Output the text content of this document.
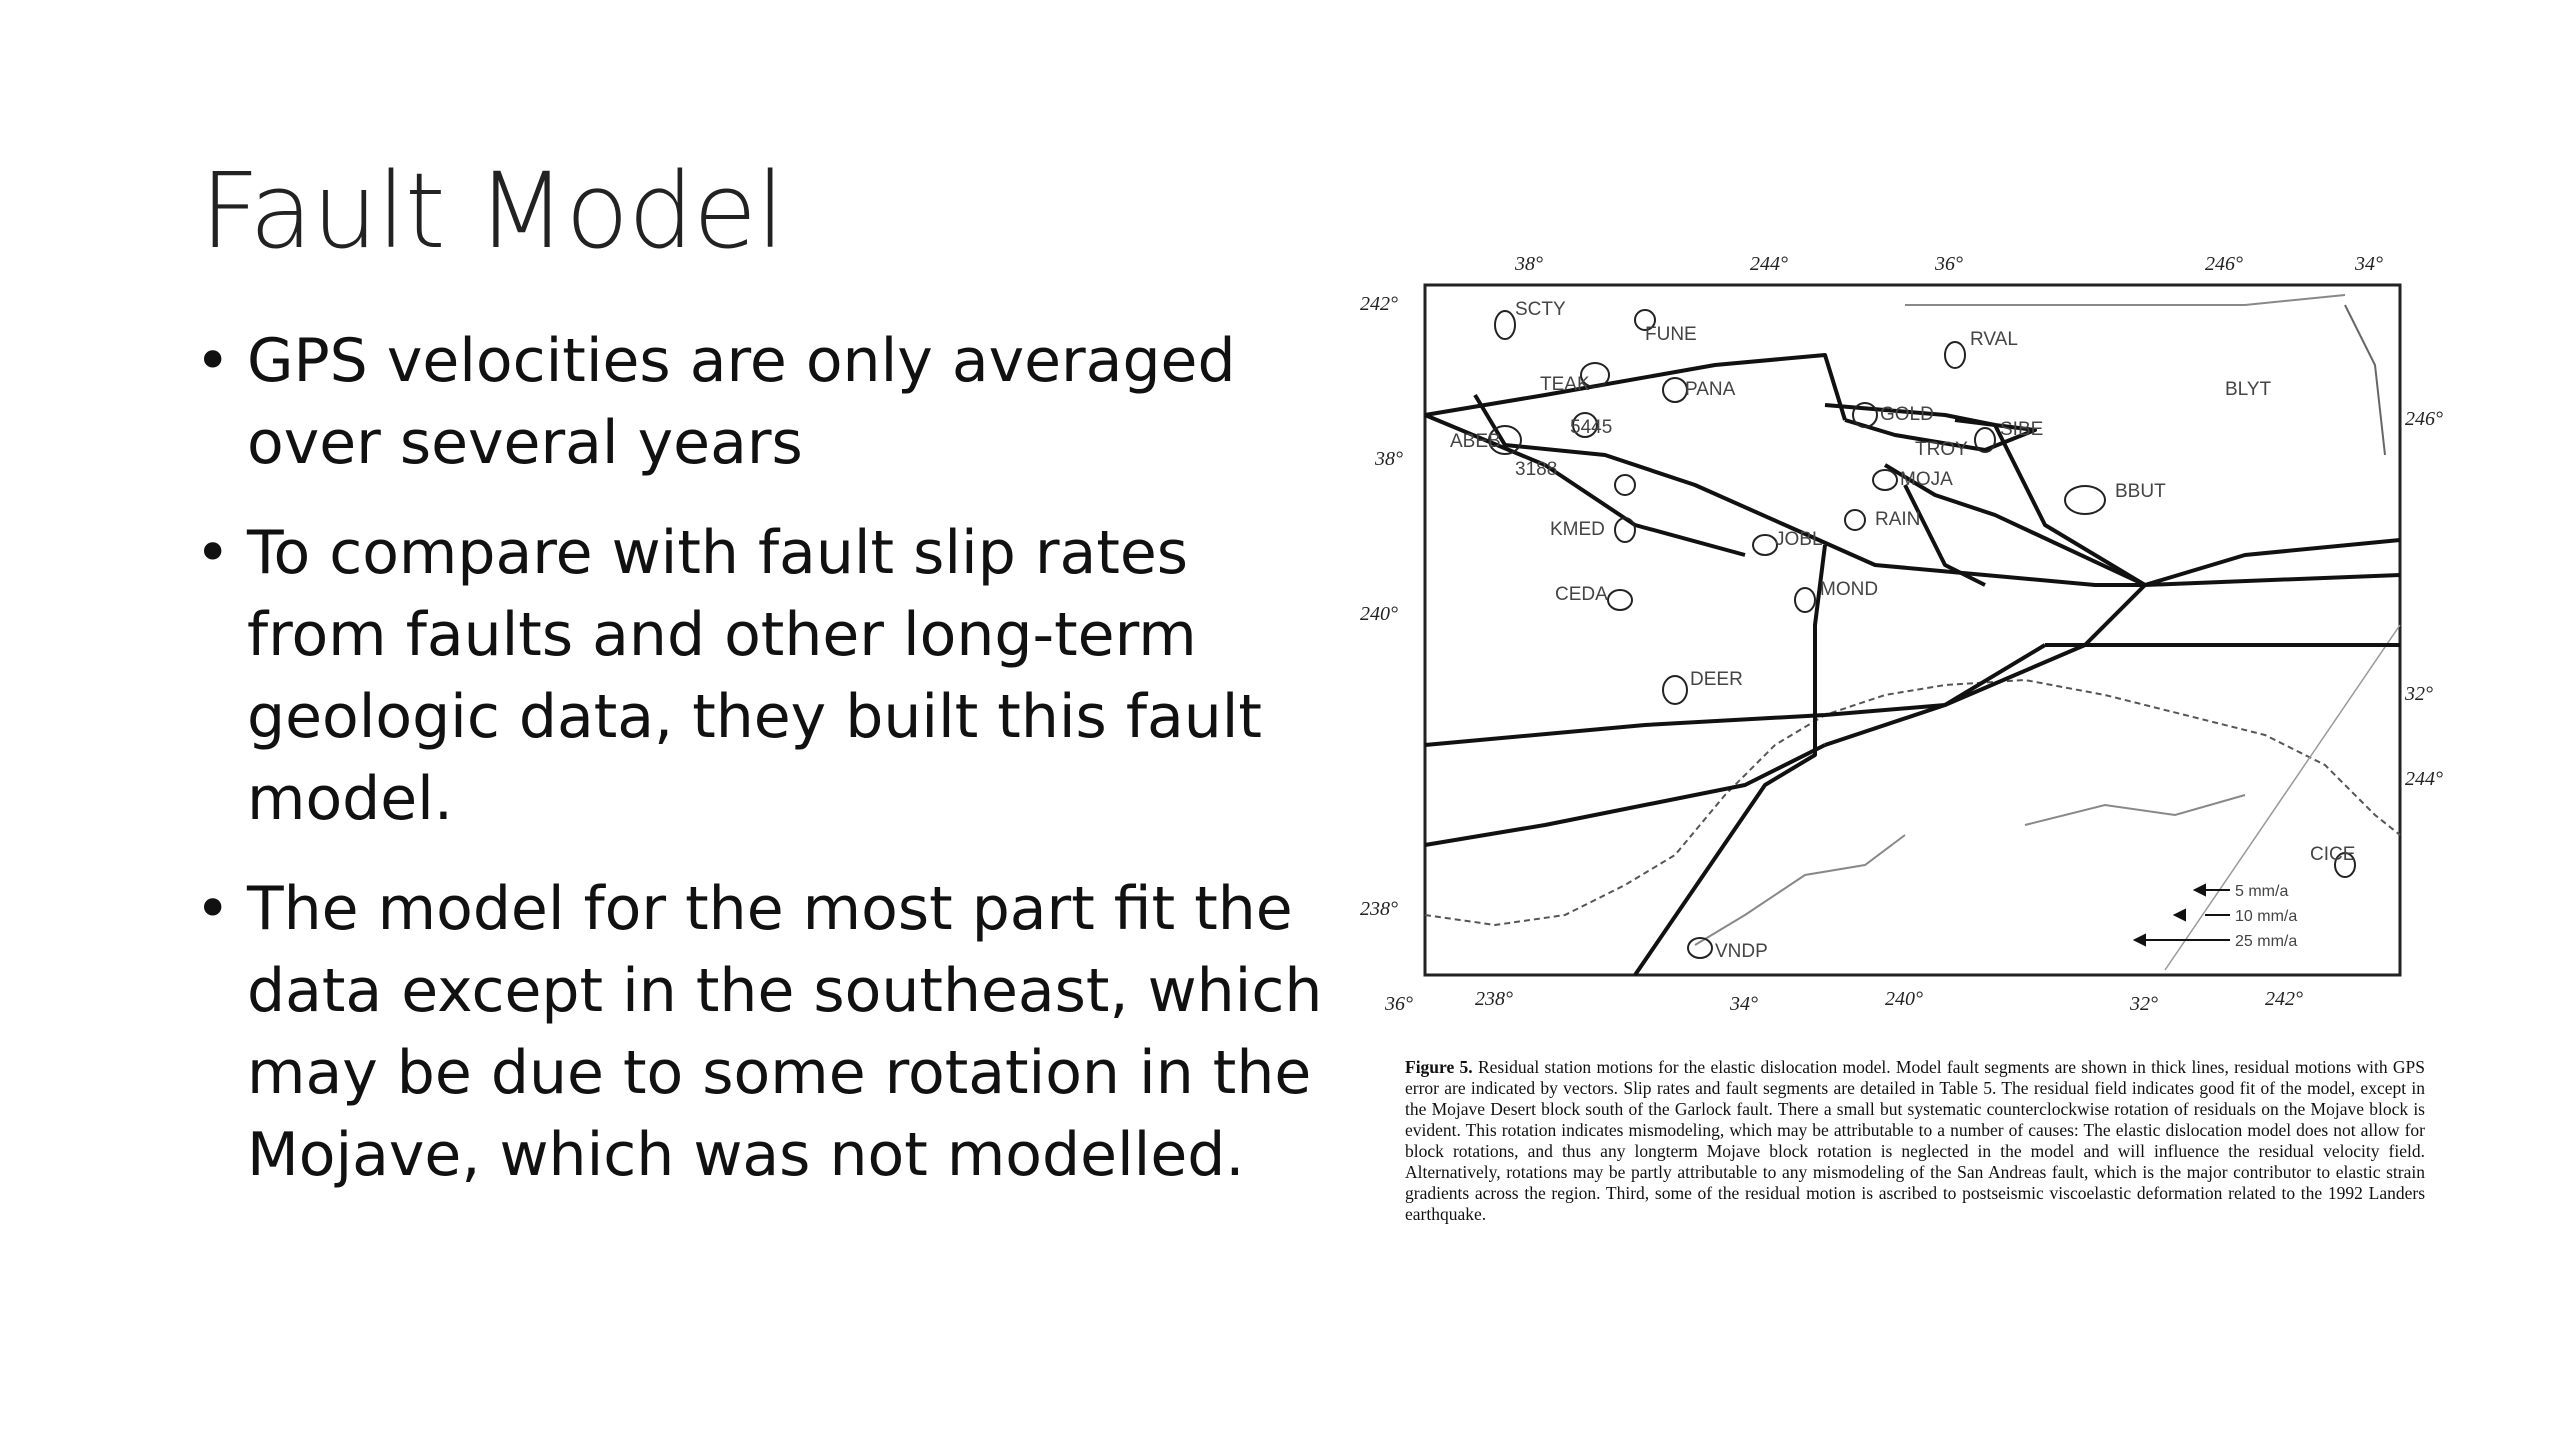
Fault Model
• GPS velocities are only averaged over several years
• To compare with fault slip rates from faults and other long-term geologic data, they built this fault model.
• The model for the most part fit the data except in the southeast, which may be due to some rotation in the Mojave, which was not modelled.
SCTY
FUNE	RVAL
TEAK	PANA	BLYT
GOLD
SIBE
TROY
5445
ABEB
3188	MOJA
BBUT
KMED	RAIN
JOBL
CEDA	MOND
DEER
CICE
VNDP
5 mm/a
10 mm/a
25 mm/a
38°	244°	36°	246°	34°
242°
38°
240°
238°
246°
32°
244°
36°	238°	34°	240°	32°	242°
Figure 5. Residual station motions for the elastic dislocation model. Model fault segments are shown in thick lines, residual motions with GPS error are indicated by vectors. Slip rates and fault segments are detailed in Table 5. The residual field indicates good fit of the model, except in the Mojave Desert block south of the Garlock fault. There a small but systematic counterclockwise rotation of residuals on the Mojave block is evident. This rotation indicates mismodeling, which may be attributable to a number of causes: The elastic dislocation model does not allow for block rotations, and thus any longterm Mojave block rotation is neglected in the model and will influence the residual velocity field. Alternatively, rotations may be partly attributable to any mismodeling of the San Andreas fault, which is the major contributor to elastic strain gradients across the region. Third, some of the residual motion is ascribed to postseismic viscoelastic deformation related to the 1992 Landers earthquake.
